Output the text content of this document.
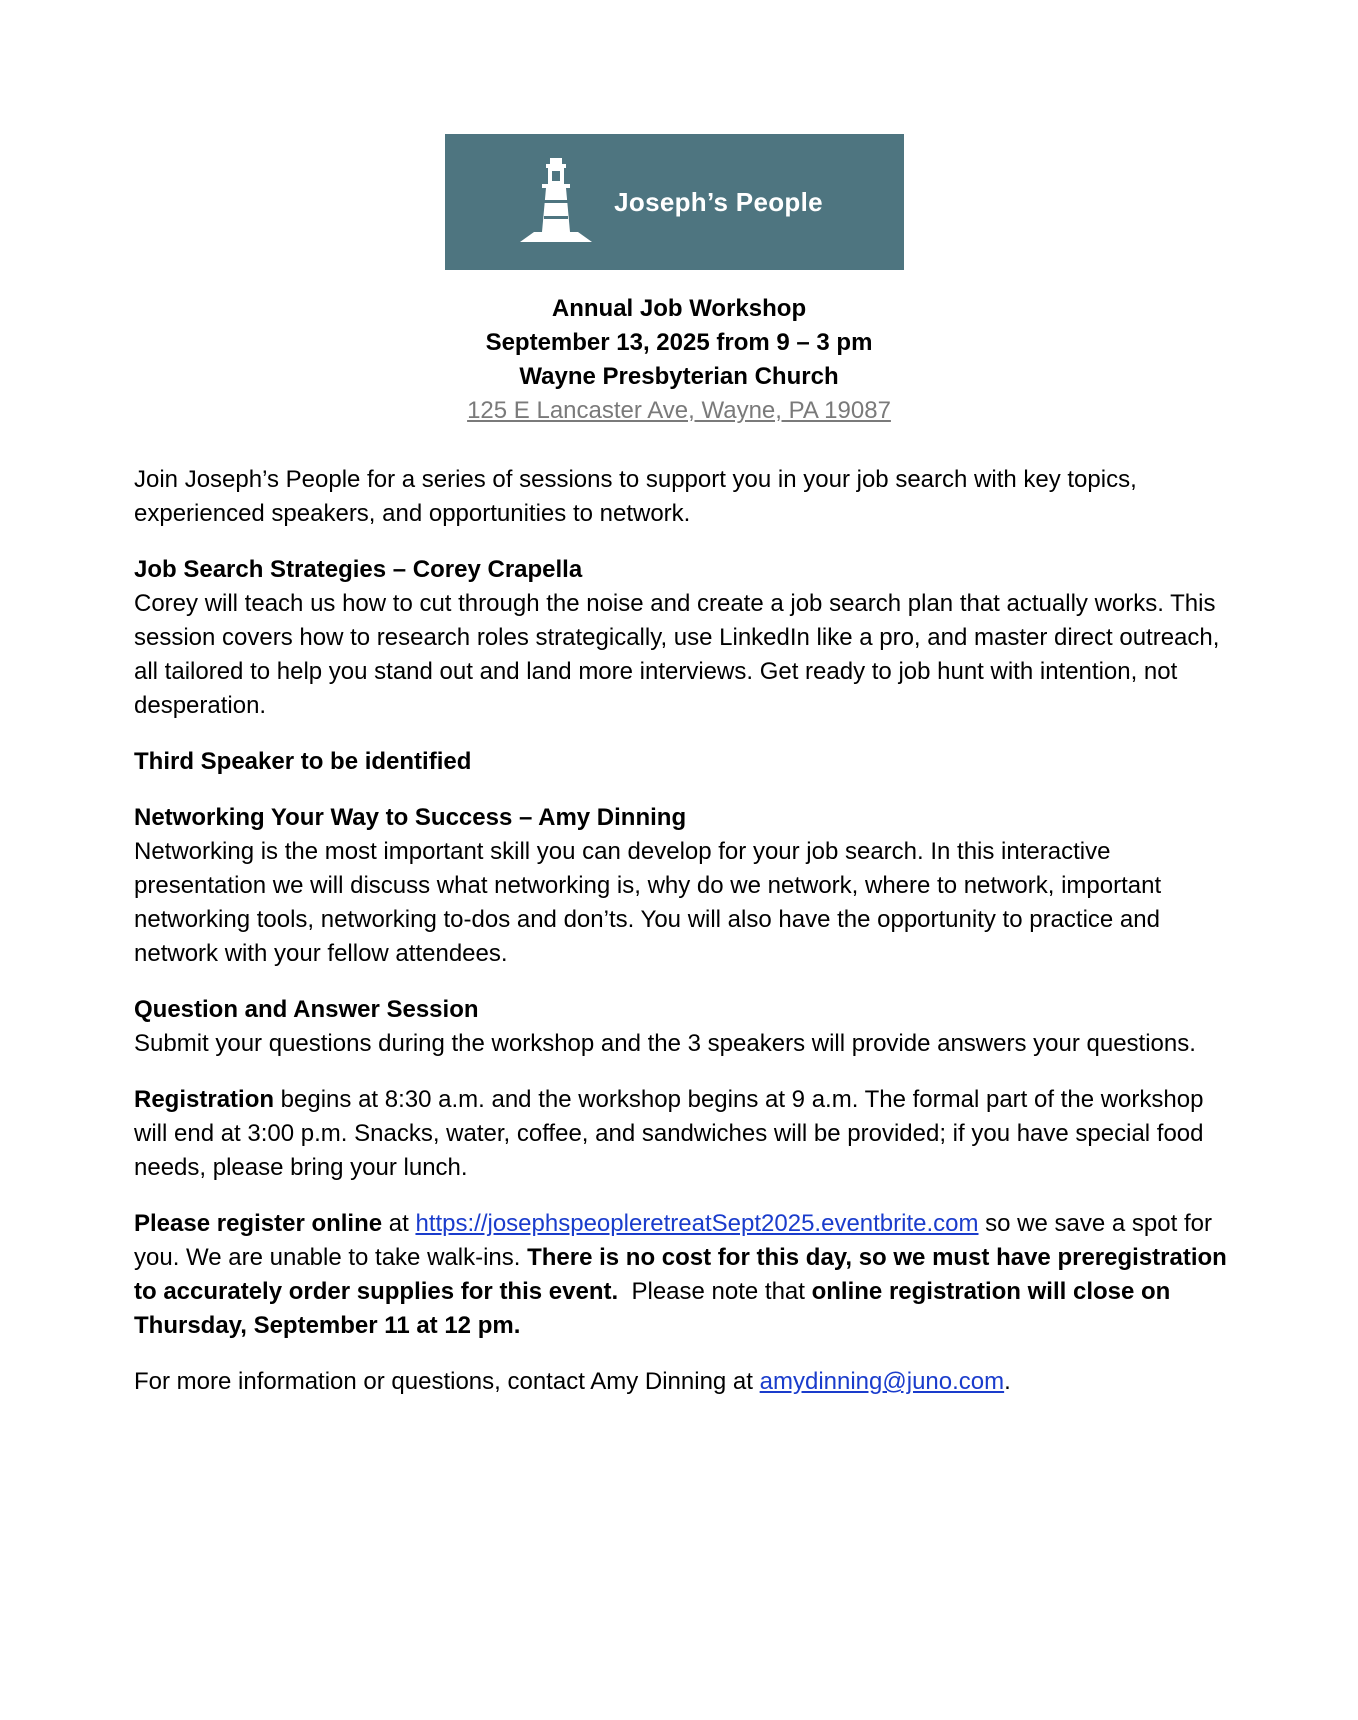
Joseph’s People
Annual Job Workshop
September 13, 2025 from 9 – 3 pm
Wayne Presbyterian Church
125 E Lancaster Ave, Wayne, PA 19087

Join Joseph’s People for a series of sessions to support you in your job search with key topics, experienced speakers, and opportunities to network.

Job Search Strategies – Corey Crapella
Corey will teach us how to cut through the noise and create a job search plan that actually works. This session covers how to research roles strategically, use LinkedIn like a pro, and master direct outreach, all tailored to help you stand out and land more interviews. Get ready to job hunt with intention, not desperation.

Third Speaker to be identified

Networking Your Way to Success – Amy Dinning
Networking is the most important skill you can develop for your job search. In this interactive presentation we will discuss what networking is, why do we network, where to network, important networking tools, networking to-dos and don’ts. You will also have the opportunity to practice and network with your fellow attendees.

Question and Answer Session
Submit your questions during the workshop and the 3 speakers will provide answers your questions.

Registration begins at 8:30 a.m. and the workshop begins at 9 a.m. The formal part of the workshop will end at 3:00 p.m. Snacks, water, coffee, and sandwiches will be provided; if you have special food needs, please bring your lunch.

Please register online at https://josephspeopleretreatSept2025.eventbrite.com so we save a spot for you. We are unable to take walk-ins. There is no cost for this day, so we must have preregistration to accurately order supplies for this event.  Please note that online registration will close on Thursday, September 11 at 12 pm.

For more information or questions, contact Amy Dinning at amydinning@juno.com.
